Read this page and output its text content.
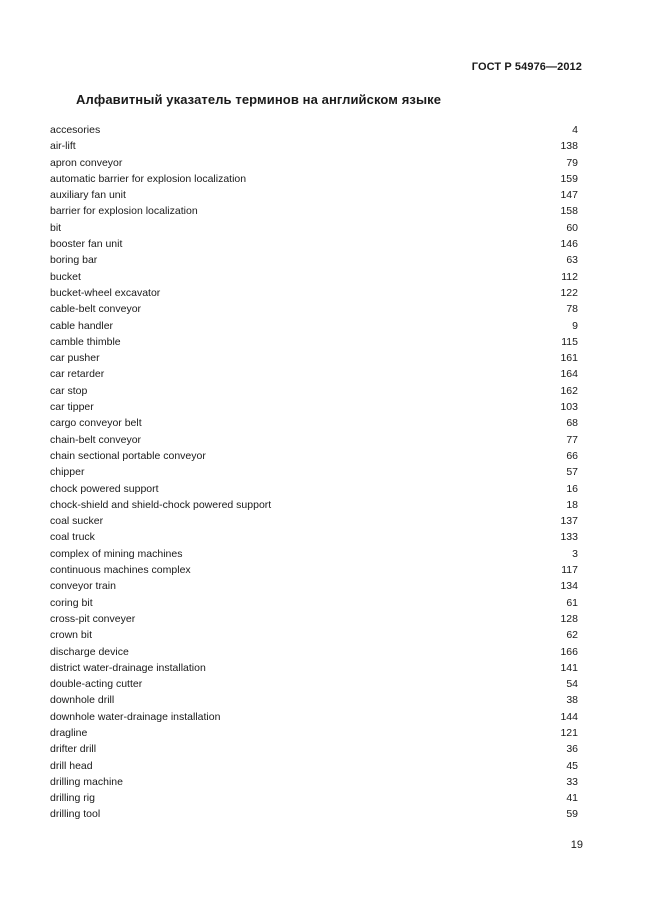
ГОСТ Р 54976—2012
Алфавитный указатель терминов на английском языке
accesories	4
air-lift	138
apron conveyor	79
automatic barrier for explosion localization	159
auxiliary fan unit	147
barrier for explosion localization	158
bit	60
booster fan unit	146
boring bar	63
bucket	112
bucket-wheel excavator	122
cable-belt conveyor	78
cable handler	9
camble thimble	115
car pusher	161
car retarder	164
car stop	162
car tipper	103
cargo conveyor belt	68
chain-belt conveyor	77
chain sectional portable conveyor	66
chipper	57
chock powered support	16
chock-shield and shield-chock powered support	18
coal sucker	137
coal truck	133
complex of mining machines	3
continuous machines complex	117
conveyor train	134
coring bit	61
cross-pit conveyer	128
crown bit	62
discharge device	166
district water-drainage installation	141
double-acting cutter	54
downhole drill	38
downhole water-drainage installation	144
dragline	121
drifter drill	36
drill head	45
drilling machine	33
drilling rig	41
drilling tool	59
19
